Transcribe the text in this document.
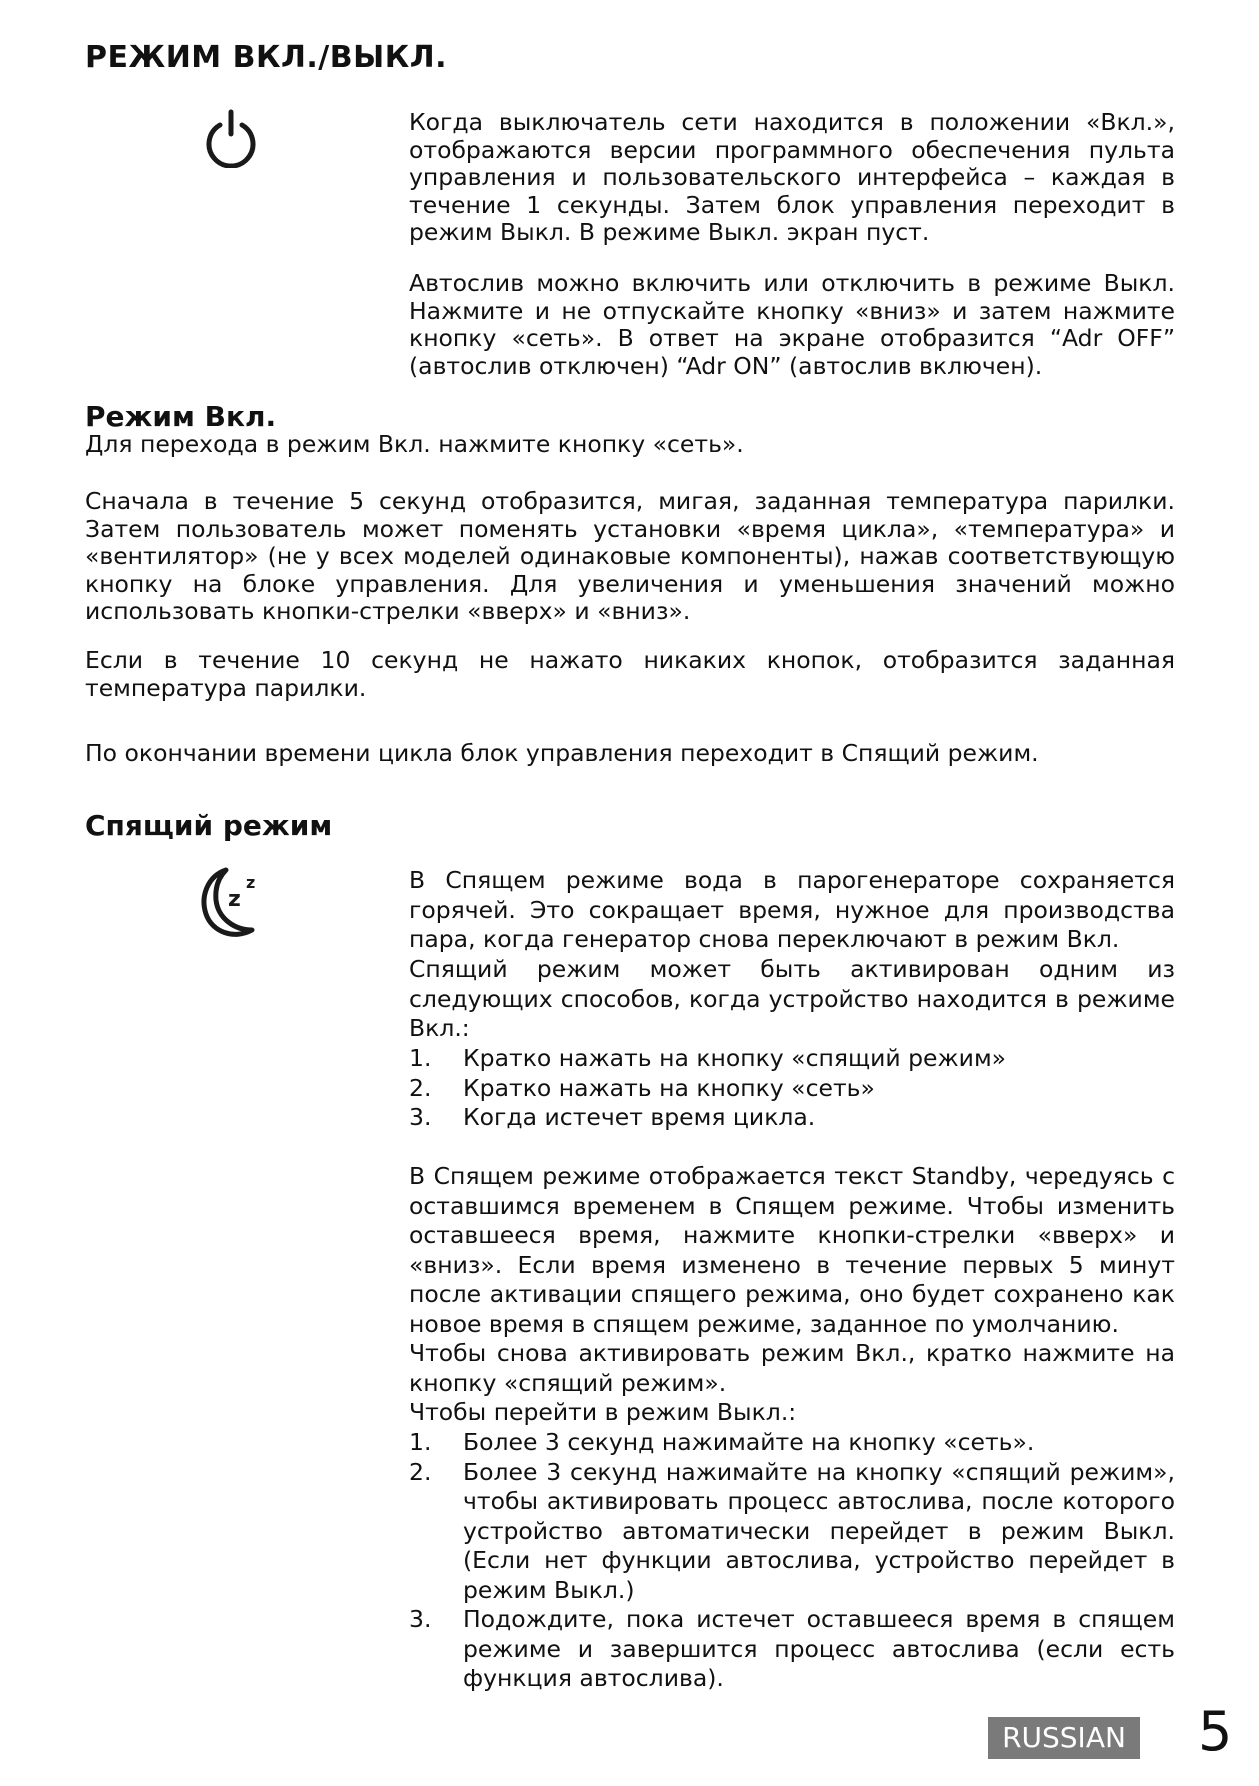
РЕЖИМ ВКЛ./ВЫКЛ.

Когда выключатель сети находится в положении «Вкл.», отображаются версии программного обеспечения пульта управления и пользовательского интерфейса – каждая в течение 1 секунды. Затем блок управления переходит в режим Выкл. В режиме Выкл. экран пуст.

Автослив можно включить или отключить в режиме Выкл. Нажмите и не отпускайте кнопку «вниз» и затем нажмите кнопку «сеть». В ответ на экране отобразится “Adr OFF” (автослив отключен) “Adr ON” (автослив включен).

Режим Вкл.

Для перехода в режим Вкл. нажмите кнопку «сеть».

Сначала в течение 5 секунд отобразится, мигая, заданная температура парилки. Затем пользователь может поменять установки «время цикла», «температура» и «вентилятор» (не у всех моделей одинаковые компоненты), нажав соответствующую кнопку на блоке управления. Для увеличения и уменьшения значений можно использовать кнопки-стрелки «вверх» и «вниз».

Если в течение 10 секунд не нажато никаких кнопок, отобразится заданная температура парилки.

По окончании времени цикла блок управления переходит в Спящий режим.

Спящий режим
z
z	В Спящем режиме вода в парогенераторе сохраняется горячей. Это сокращает время, нужное для производства пара, когда генератор снова переключают в режим Вкл.

Спящий режим может быть активирован одним из следующих способов, когда устройство находится в режиме Вкл.:

1.	Кратко нажать на кнопку «спящий режим»
2.	Кратко нажать на кнопку «сеть»
3.	Когда истечет время цикла.

В Спящем режиме отображается текст Standby, чередуясь с оставшимся временем в Спящем режиме. Чтобы изменить оставшееся время, нажмите кнопки-стрелки «вверх» и «вниз». Если время изменено в течение первых 5 минут после активации спящего режима, оно будет сохранено как новое время в спящем режиме, заданное по умолчанию.

Чтобы снова активировать режим Вкл., кратко нажмите на кнопку «спящий режим».

Чтобы перейти в режим Выкл.:

1.	Более 3 секунд нажимайте на кнопку «сеть».
2.	Более 3 секунд нажимайте на кнопку «спящий режим», чтобы активировать процесс автослива, после которого устройство автоматически перейдет в режим Выкл. (Если нет функции автослива, устройство перейдет в режим Выкл.)
3.	Подождите, пока истечет оставшееся время в спящем режиме и завершится процесс автослива (если есть функция автослива).
RUSSIAN 5
